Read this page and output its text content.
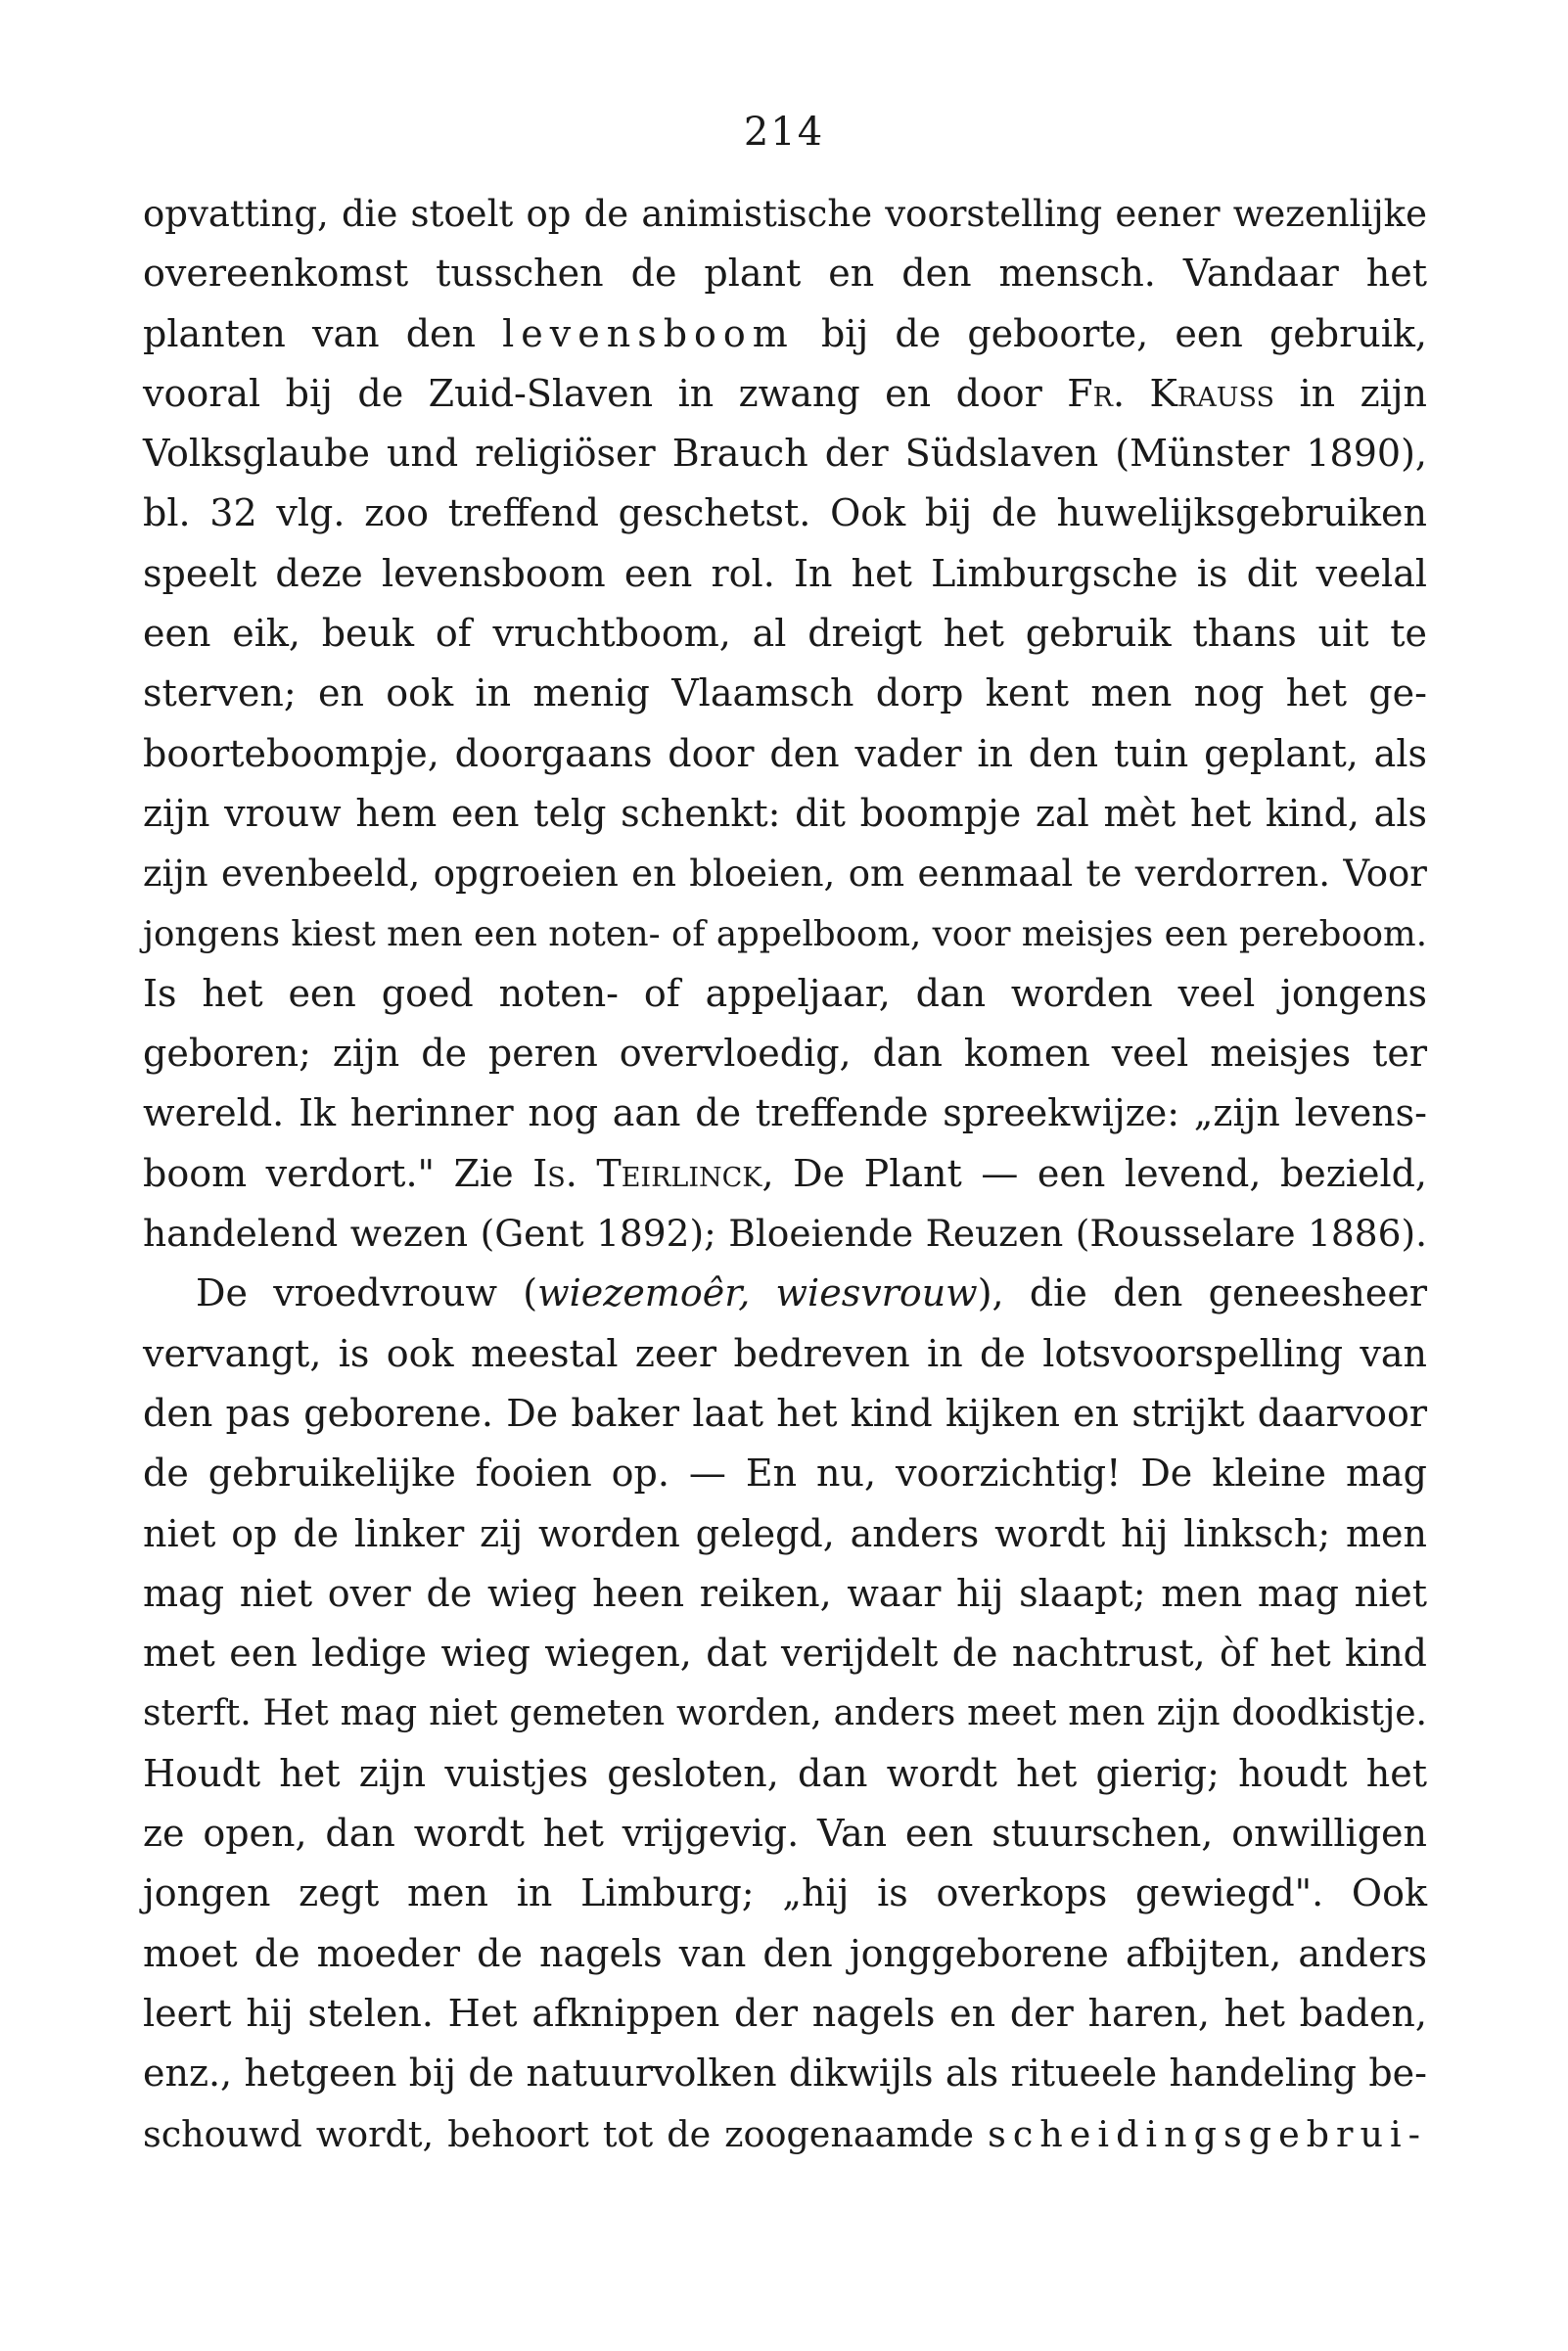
214
opvatting, die stoelt op de animistische voorstelling eener wezenlijke
overeenkomst tusschen de plant en den mensch. Vandaar het
planten van den levensboom bij de geboorte, een gebruik,
vooral bij de Zuid-Slaven in zwang en door Fr. Krauss in zijn
Volksglaube und religiöser Brauch der Südslaven (Münster 1890),
bl. 32 vlg. zoo treffend geschetst. Ook bij de huwelijksgebruiken
speelt deze levensboom een rol. In het Limburgsche is dit veelal
een eik, beuk of vruchtboom, al dreigt het gebruik thans uit te
sterven; en ook in menig Vlaamsch dorp kent men nog het ge-
boorteboompje, doorgaans door den vader in den tuin geplant, als
zijn vrouw hem een telg schenkt: dit boompje zal mèt het kind, als
zijn evenbeeld, opgroeien en bloeien, om eenmaal te verdorren. Voor
jongens kiest men een noten- of appelboom, voor meisjes een pereboom.
Is het een goed noten- of appeljaar, dan worden veel jongens
geboren; zijn de peren overvloedig, dan komen veel meisjes ter
wereld. Ik herinner nog aan de treffende spreekwijze: „zijn levens-
boom verdort." Zie Is. Teirlinck, De Plant — een levend, bezield,
handelend wezen (Gent 1892); Bloeiende Reuzen (Rousselare 1886).
De vroedvrouw (wiezemoêr, wiesvrouw), die den geneesheer
vervangt, is ook meestal zeer bedreven in de lotsvoorspelling van
den pas geborene. De baker laat het kind kijken en strijkt daarvoor
de gebruikelijke fooien op. — En nu, voorzichtig! De kleine mag
niet op de linker zij worden gelegd, anders wordt hij linksch; men
mag niet over de wieg heen reiken, waar hij slaapt; men mag niet
met een ledige wieg wiegen, dat verijdelt de nachtrust, òf het kind
sterft. Het mag niet gemeten worden, anders meet men zijn doodkistje.
Houdt het zijn vuistjes gesloten, dan wordt het gierig; houdt het
ze open, dan wordt het vrijgevig. Van een stuurschen, onwilligen
jongen zegt men in Limburg; „hij is overkops gewiegd". Ook
moet de moeder de nagels van den jonggeborene afbijten, anders
leert hij stelen. Het afknippen der nagels en der haren, het baden,
enz., hetgeen bij de natuurvolken dikwijls als ritueele handeling be-
schouwd wordt, behoort tot de zoogenaamde scheidingsgebrui-
